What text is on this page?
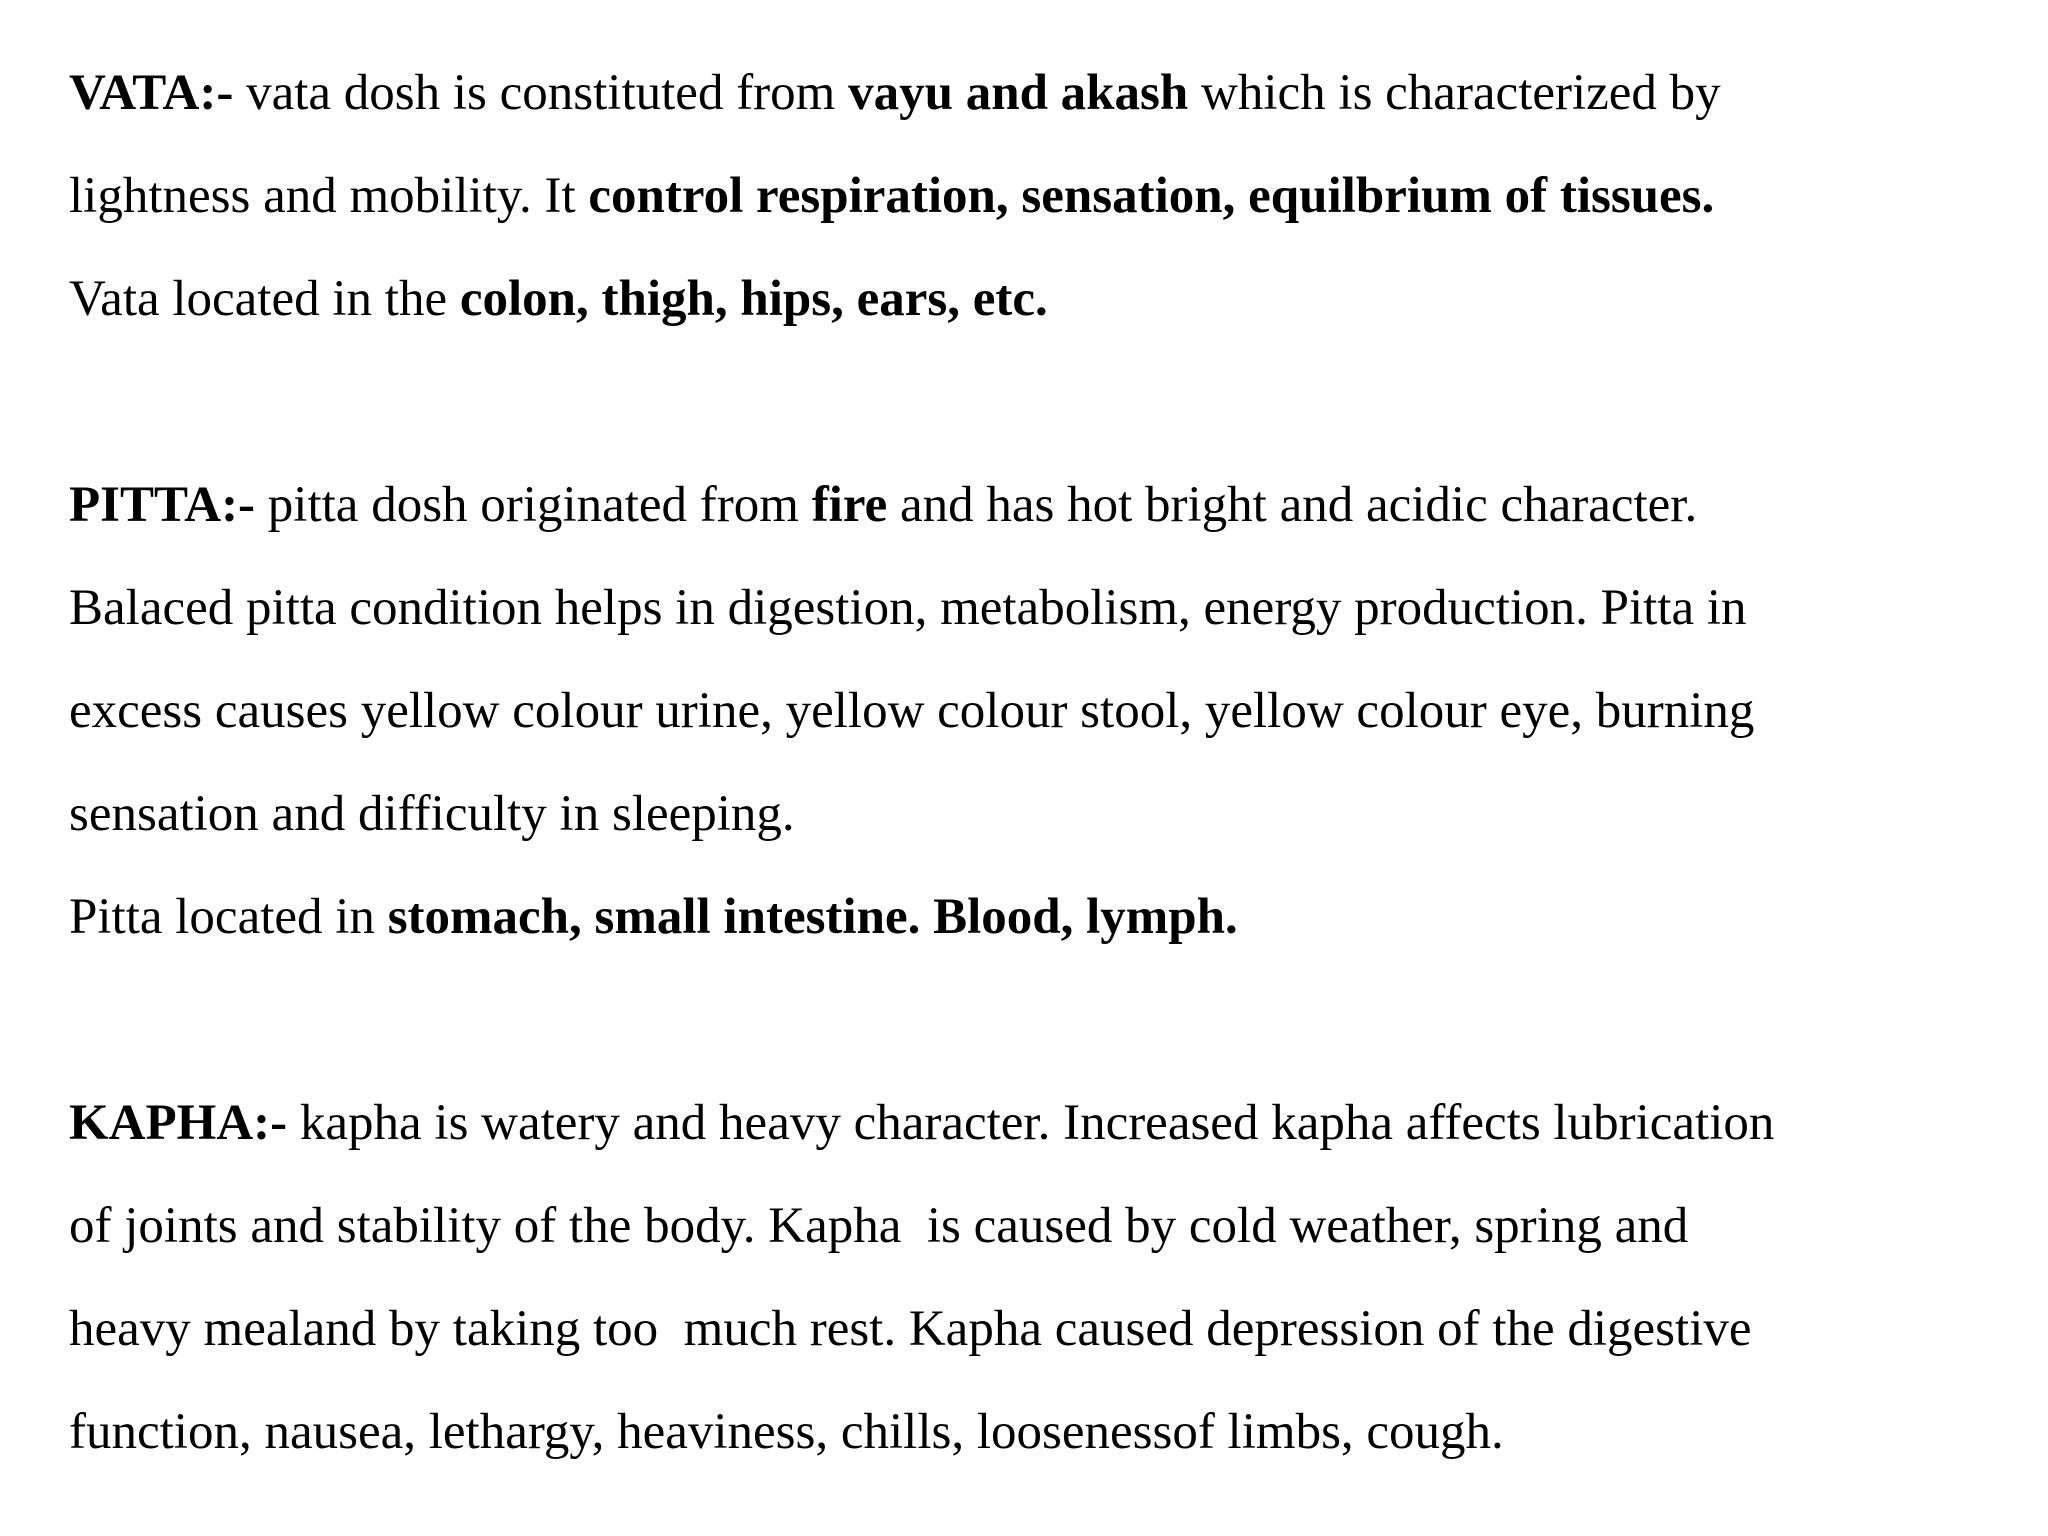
VATA:- vata dosh is constituted from vayu and akash which is characterized by
lightness and mobility. It control respiration, sensation, equilbrium of tissues.
Vata located in the colon, thigh, hips, ears, etc.
PITTA:- pitta dosh originated from fire and has hot bright and acidic character.
Balaced pitta condition helps in digestion, metabolism, energy production. Pitta in
excess causes yellow colour urine, yellow colour stool, yellow colour eye, burning
sensation and difficulty in sleeping.
Pitta located in stomach, small intestine. Blood, lymph.
KAPHA:- kapha is watery and heavy character. Increased kapha affects lubrication
of joints and stability of the body. Kapha  is caused by cold weather, spring and
heavy mealand by taking too  much rest. Kapha caused depression of the digestive
function, nausea, lethargy, heaviness, chills, loosenessof limbs, cough.
